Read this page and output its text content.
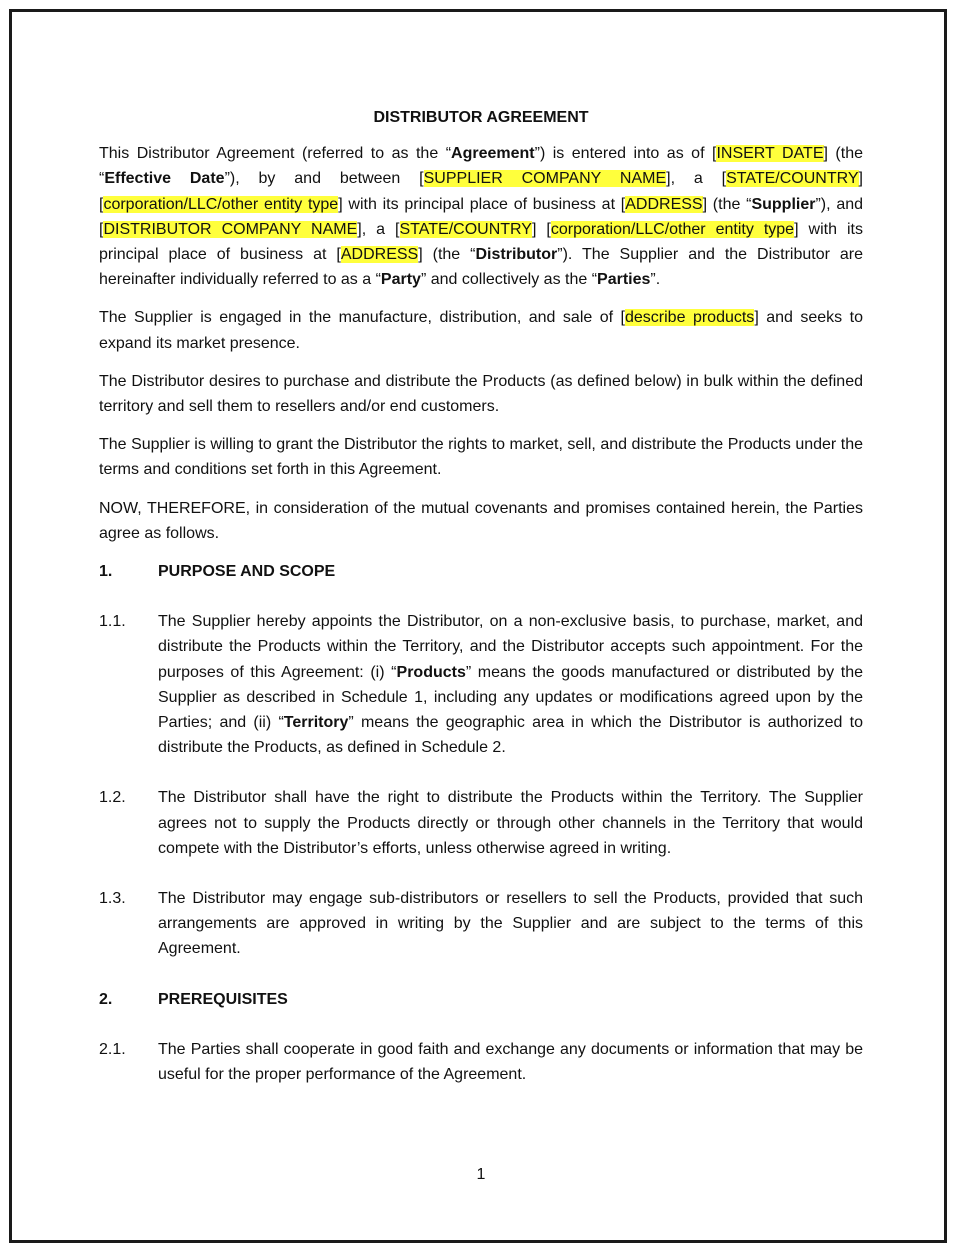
DISTRIBUTOR AGREEMENT

This Distributor Agreement (referred to as the “Agreement”) is entered into as of [INSERT DATE] (the “Effective Date”), by and between [SUPPLIER COMPANY NAME], a [STATE/COUNTRY] [corporation/LLC/other entity type] with its principal place of business at [ADDRESS] (the “Supplier”), and [DISTRIBUTOR COMPANY NAME], a [STATE/COUNTRY] [corporation/LLC/other entity type] with its principal place of business at [ADDRESS] (the “Distributor”). The Supplier and the Distributor are hereinafter individually referred to as a “Party” and collectively as the “Parties”.

The Supplier is engaged in the manufacture, distribution, and sale of [describe products] and seeks to expand its market presence.

The Distributor desires to purchase and distribute the Products (as defined below) in bulk within the defined territory and sell them to resellers and/or end customers.

The Supplier is willing to grant the Distributor the rights to market, sell, and distribute the Products under the terms and conditions set forth in this Agreement.

NOW, THEREFORE, in consideration of the mutual covenants and promises contained herein, the Parties agree as follows.

1.	PURPOSE AND SCOPE
1.1.	The Supplier hereby appoints the Distributor, on a non-exclusive basis, to purchase, market, and distribute the Products within the Territory, and the Distributor accepts such appointment. For the purposes of this Agreement: (i) “Products” means the goods manufactured or distributed by the Supplier as described in Schedule 1, including any updates or modifications agreed upon by the Parties; and (ii) “Territory” means the geographic area in which the Distributor is authorized to distribute the Products, as defined in Schedule 2.
1.2.	The Distributor shall have the right to distribute the Products within the Territory. The Supplier agrees not to supply the Products directly or through other channels in the Territory that would compete with the Distributor’s efforts, unless otherwise agreed in writing.
1.3.	The Distributor may engage sub-distributors or resellers to sell the Products, provided that such arrangements are approved in writing by the Supplier and are subject to the terms of this Agreement.
2.	PREREQUISITES
2.1.	The Parties shall cooperate in good faith and exchange any documents or information that may be useful for the proper performance of the Agreement.
1
